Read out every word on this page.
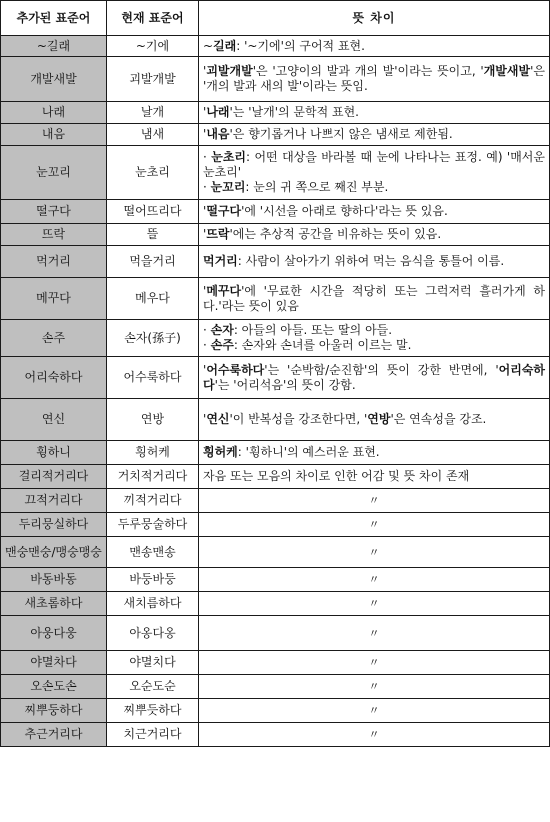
추가된 표준어	현재 표준어	뜻 차이
~길래	~기에	~길래: '~기에'의 구어적 표현.
개발새발	괴발개발	'괴발개발'은 '고양이의 발과 개의 발'이라는 뜻이고, '개발새발'은 '개의 발과 새의 발'이라는 뜻임.
나래	날개	'나래'는 '날개'의 문학적 표현.
내음	냄새	'내음'은 향기롭거나 나쁘지 않은 냄새로 제한됨.
눈꼬리	눈초리	· 눈초리: 어떤 대상을 바라볼 때 눈에 나타나는 표정. 예) '매서운 눈초리'
· 눈꼬리: 눈의 귀 쪽으로 째진 부분.

떨구다	떨어뜨리다	'떨구다'에 '시선을 아래로 향하다'라는 뜻 있음.
뜨락	뜰	'뜨락'에는 추상적 공간을 비유하는 뜻이 있음.
먹거리	먹을거리	먹거리: 사람이 살아가기 위하여 먹는 음식을 통틀어 이름.
메꾸다	메우다	'메꾸다'에 '무료한 시간을 적당히 또는 그럭저럭 흘러가게 하다.'라는 뜻이 있음
손주	손자(孫子)	· 손자: 아들의 아들. 또는 딸의 아들.
· 손주: 손자와 손녀를 아울러 이르는 말.

어리숙하다	어수룩하다	'어수룩하다'는 '순박함/순진함'의 뜻이 강한 반면에, '어리숙하다'는 '어리석음'의 뜻이 강함.
연신	연방	'연신'이 반복성을 강조한다면, '연방'은 연속성을 강조.
휭하니	힁허케	힁허케: '휭하니'의 예스러운 표현.
걸리적거리다	거치적거리다	자음 또는 모음의 차이로 인한 어감 및 뜻 차이 존재
끄적거리다	끼적거리다	〃
두리뭉실하다	두루뭉술하다	〃
맨숭맨숭/맹숭맹숭	맨송맨송	〃
바동바동	바둥바둥	〃
새초롬하다	새치름하다	〃
아웅다웅	아옹다옹	〃
야멸차다	야멸치다	〃
오손도손	오순도순	〃
찌뿌둥하다	찌뿌듯하다	〃
추근거리다	치근거리다	〃
